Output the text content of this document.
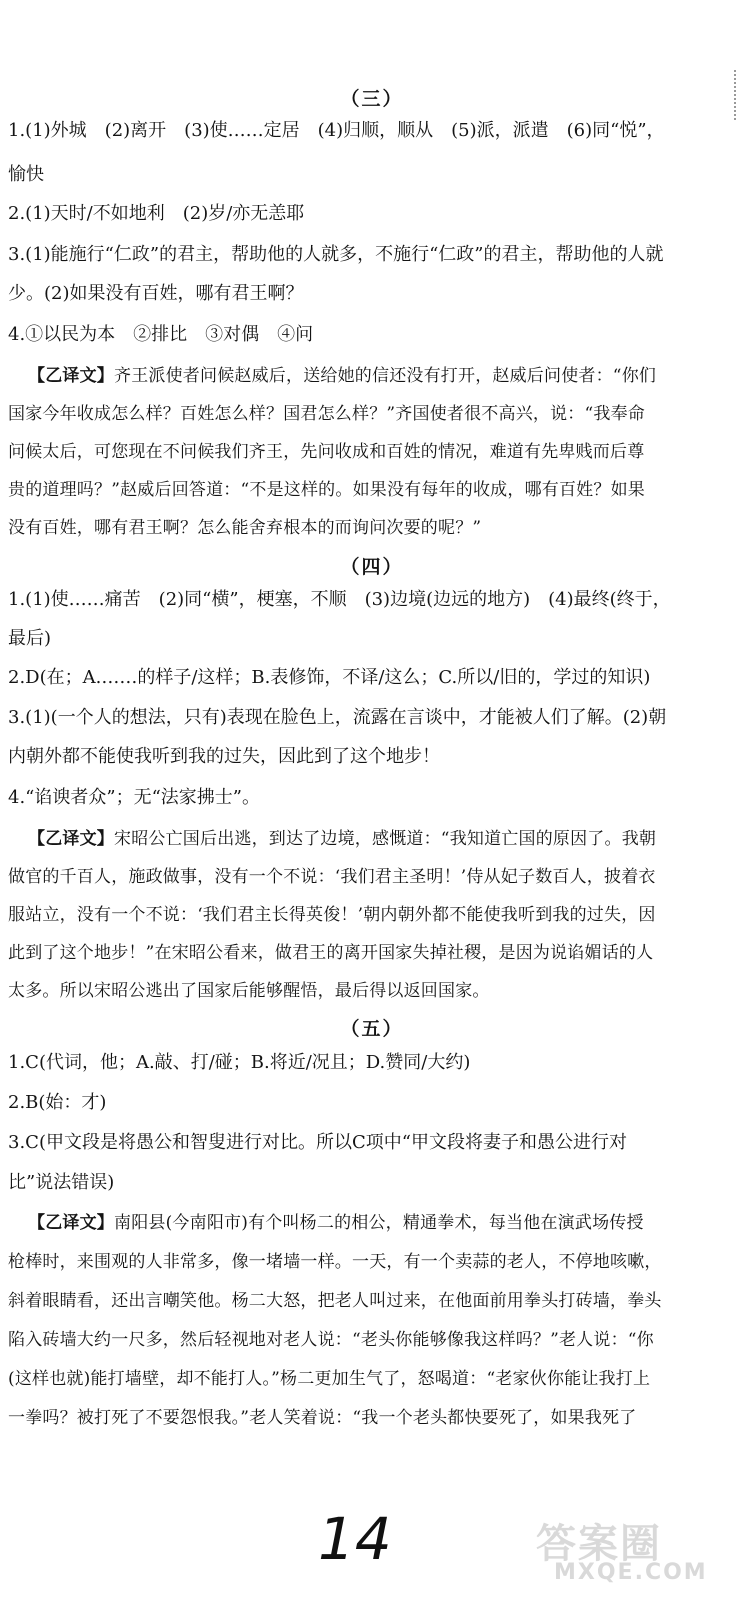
（三）
1.(1)外城　(2)离开　(3)使……定居　(4)归顺，顺从　(5)派，派遣　(6)同“悦”，
愉快
2.(1)天时/不如地利　(2)岁/亦无恙耶
3.(1)能施行“仁政”的君主，帮助他的人就多，不施行“仁政”的君主，帮助他的人就
少。(2)如果没有百姓，哪有君王啊？
4.①以民为本　②排比　③对偶　④问
【乙译文】齐王派使者问候赵威后，送给她的信还没有打开，赵威后问使者：“你们
国家今年收成怎么样？百姓怎么样？国君怎么样？”齐国使者很不高兴，说：“我奉命
问候太后，可您现在不问候我们齐王，先问收成和百姓的情况，难道有先卑贱而后尊
贵的道理吗？”赵威后回答道：“不是这样的。如果没有每年的收成，哪有百姓？如果
没有百姓，哪有君王啊？怎么能舍弃根本的而询问次要的呢？”
（四）
1.(1)使……痛苦　(2)同“横”，梗塞，不顺　(3)边境(边远的地方)　(4)最终(终于，
最后)
2.D(在；A.……的样子/这样；B.表修饰，不译/这么；C.所以/旧的，学过的知识)
3.(1)(一个人的想法，只有)表现在脸色上，流露在言谈中，才能被人们了解。(2)朝
内朝外都不能使我听到我的过失，因此到了这个地步！
4.“谄谀者众”；无“法家拂士”。
【乙译文】宋昭公亡国后出逃，到达了边境，感慨道：“我知道亡国的原因了。我朝
做官的千百人，施政做事，没有一个不说：‘我们君主圣明！’侍从妃子数百人，披着衣
服站立，没有一个不说：‘我们君主长得英俊！’朝内朝外都不能使我听到我的过失，因
此到了这个地步！”在宋昭公看来，做君王的离开国家失掉社稷，是因为说谄媚话的人
太多。所以宋昭公逃出了国家后能够醒悟，最后得以返回国家。
（五）
1.C(代词，他；A.敲、打/碰；B.将近/况且；D.赞同/大约)
2.B(始：才)
3.C(甲文段是将愚公和智叟进行对比。所以C项中“甲文段将妻子和愚公进行对
比”说法错误)
【乙译文】南阳县(今南阳市)有个叫杨二的相公，精通拳术，每当他在演武场传授
枪棒时，来围观的人非常多，像一堵墙一样。一天，有一个卖蒜的老人，不停地咳嗽，
斜着眼睛看，还出言嘲笑他。杨二大怒，把老人叫过来，在他面前用拳头打砖墙，拳头
陷入砖墙大约一尺多，然后轻视地对老人说：“老头你能够像我这样吗？”老人说：“你
(这样也就)能打墙壁，却不能打人。”杨二更加生气了，怒喝道：“老家伙你能让我打上
一拳吗？被打死了不要怨恨我。”老人笑着说：“我一个老头都快要死了，如果我死了
14	答案圈
MXQE.COM
